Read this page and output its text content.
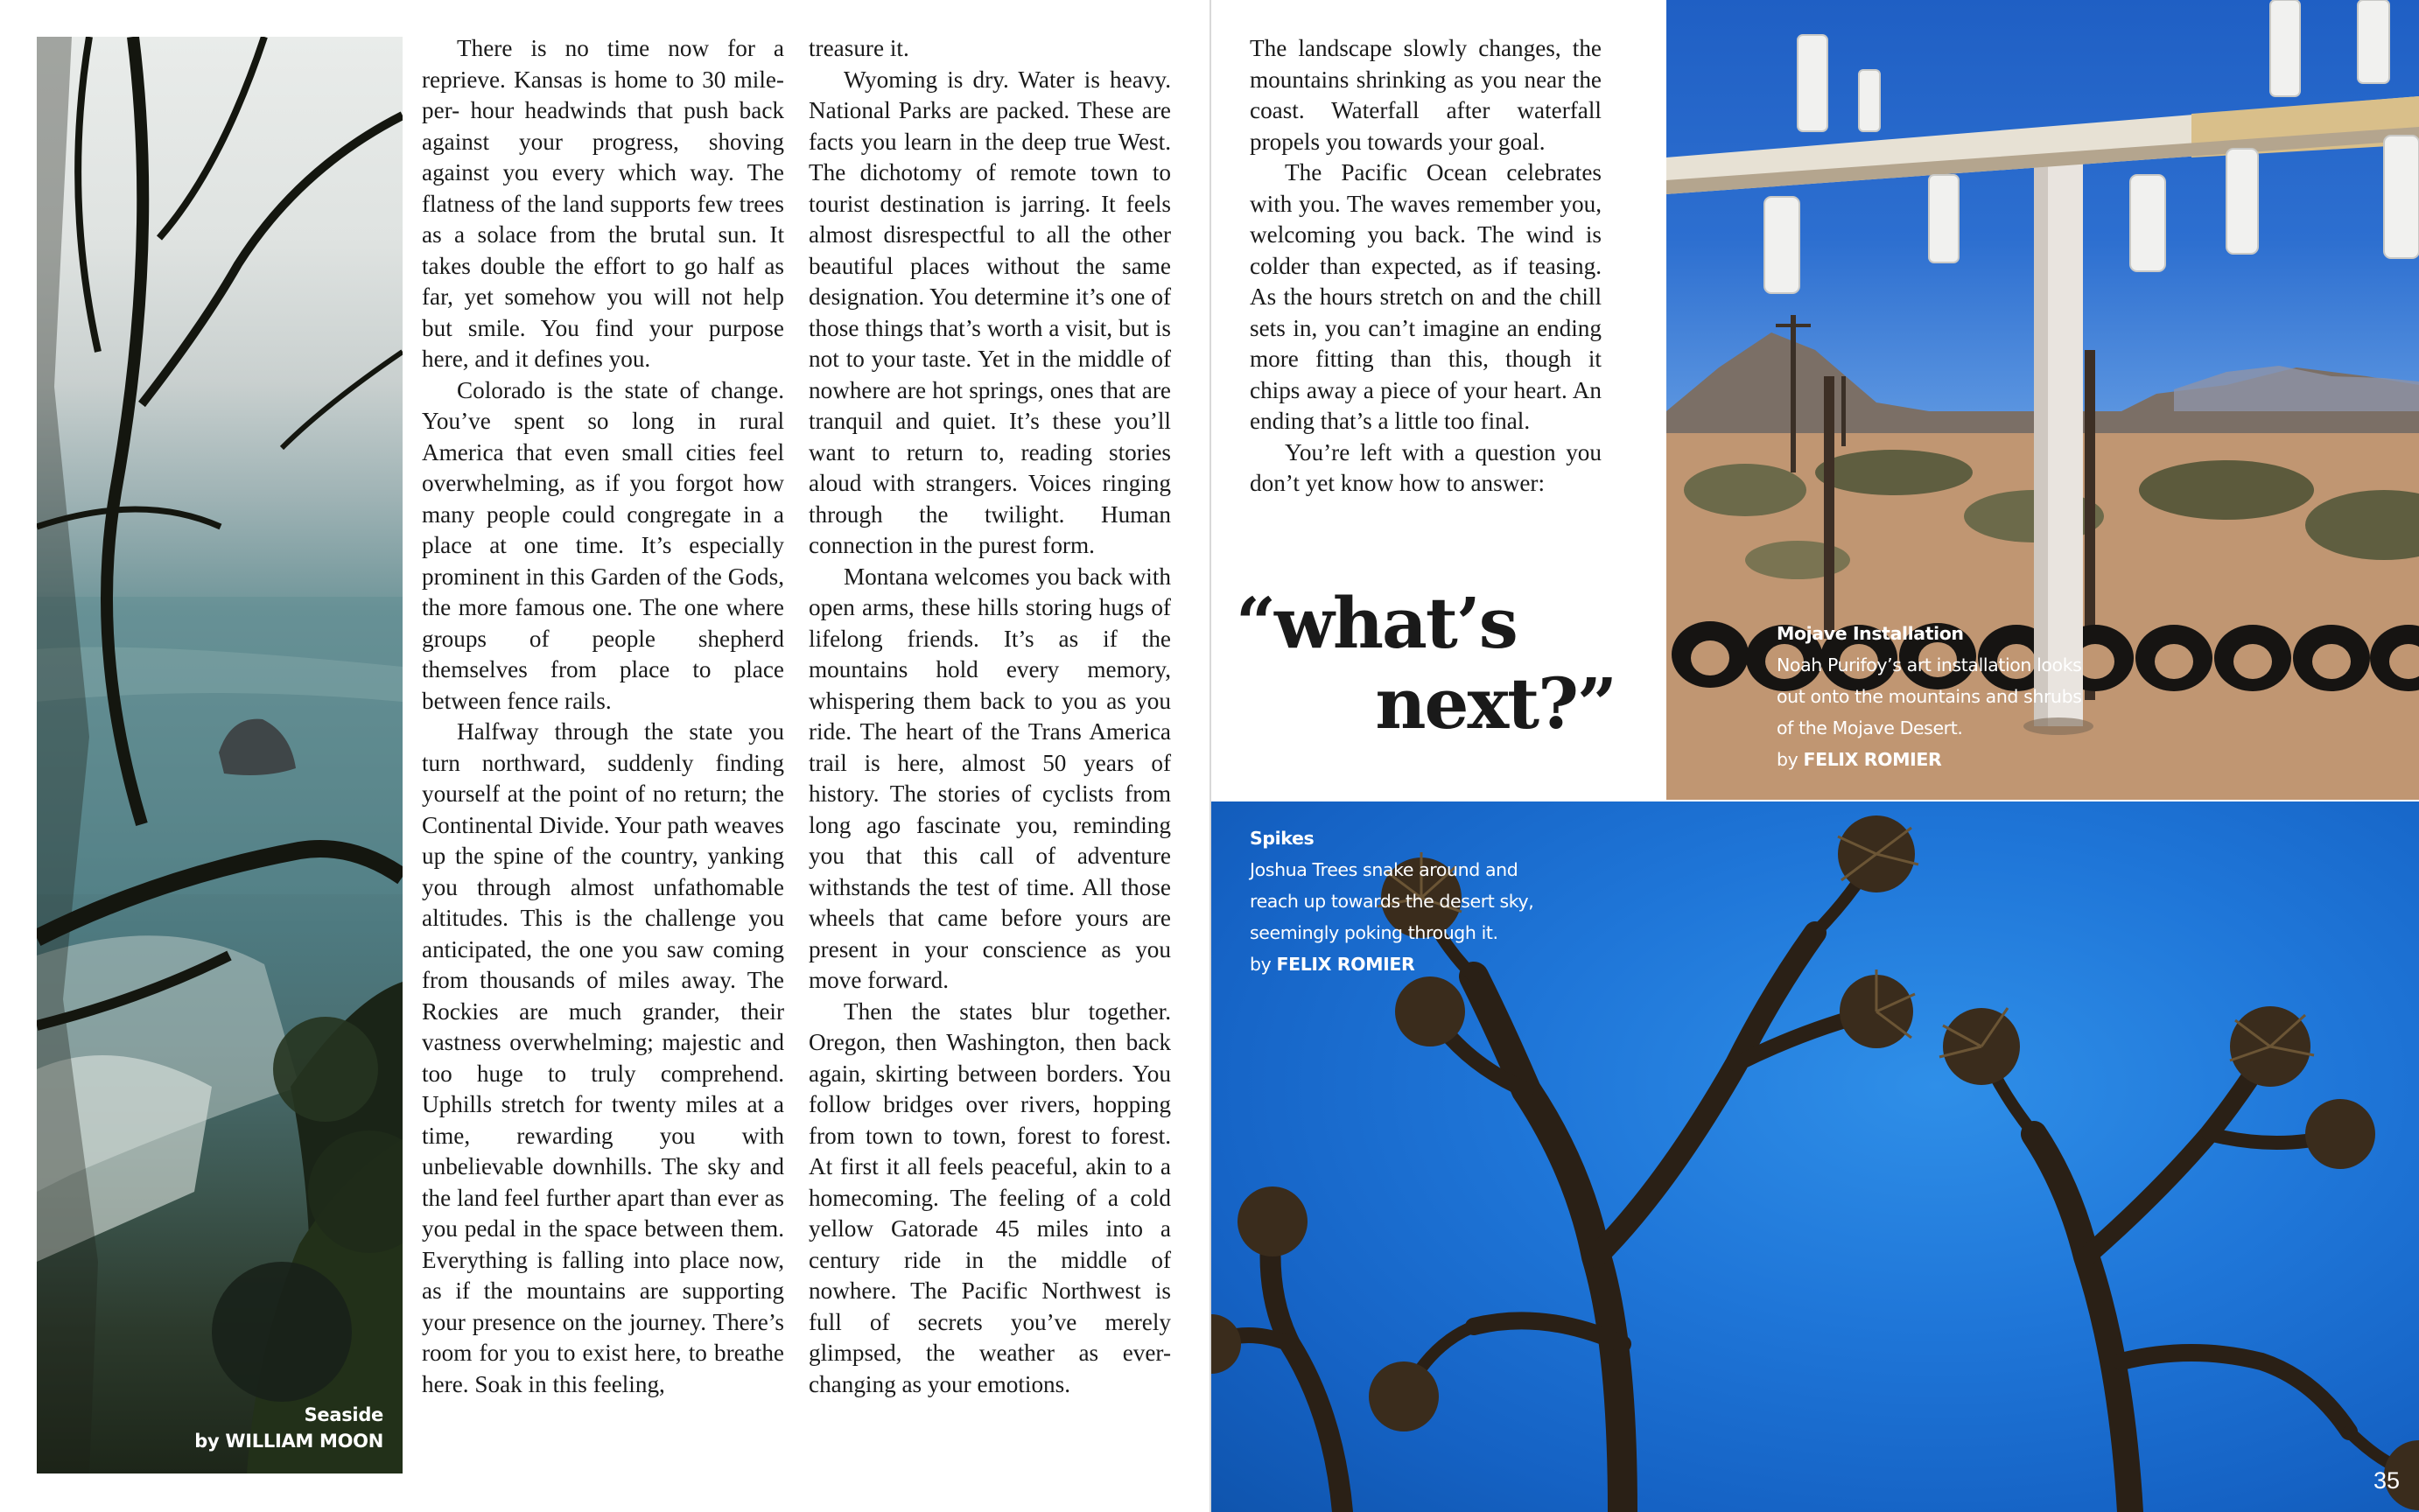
Seaside
by WILLIAM MOON

There is no time now for a reprieve. Kansas is home to 30 mile- per- hour headwinds that push back against your progress, shoving against you every which way. The flatness of the land supports few trees as a solace from the brutal sun. It takes double the effort to go half as far, yet somehow you will not help but smile. You find your purpose here, and it defines you.

Colorado is the state of change. You’ve spent so long in rural America that even small cities feel overwhelming, as if you forgot how many people could congregate in a place at one time. It’s especially prominent in this Garden of the Gods, the more famous one. The one where groups of people shepherd themselves from place to place between fence rails.

Halfway through the state you turn northward, suddenly finding yourself at the point of no return; the Continental Divide. Your path weaves up the spine of the country, yanking you through almost unfathomable altitudes. This is the challenge you anticipated, the one you saw coming from thousands of miles away. The Rockies are much grander, their vastness overwhelming; majestic and too huge to truly comprehend. Uphills stretch for twenty miles at a time, rewarding you with unbelievable downhills. The sky and the land feel further apart than ever as you pedal in the space between them. Everything is falling into place now, as if the mountains are supporting your presence on the journey. There’s room for you to exist here, to breathe here. Soak in this feeling,

treasure it.

Wyoming is dry. Water is heavy. National Parks are packed. These are facts you learn in the deep true West. The dichotomy of remote town to tourist destination is jarring. It feels almost disrespectful to all the other beautiful places without the same designation. You determine it’s one of those things that’s worth a visit, but is not to your taste. Yet in the middle of nowhere are hot springs, ones that are tranquil and quiet. It’s these you’ll want to return to, reading stories aloud with strangers. Voices ringing through the twilight. Human connection in the purest form.

Montana welcomes you back with open arms, these hills storing hugs of lifelong friends. It’s as if the mountains hold every memory, whispering them back to you as you ride. The heart of the Trans America trail is here, almost 50 years of history. The stories of cyclists from long ago fascinate you, reminding you that this call of adventure withstands the test of time. All those wheels that came before yours are present in your conscience as you move forward.

Then the states blur together. Oregon, then Washington, then back again, skirting between borders. You follow bridges over rivers, hopping from town to town, forest to forest. At first it all feels peaceful, akin to a homecoming. The feeling of a cold yellow Gatorade 45 miles into a century ride in the middle of nowhere. The Pacific Northwest is full of secrets you’ve merely glimpsed, the weather as ever- changing as your emotions.

The landscape slowly changes, the mountains shrinking as you near the coast. Waterfall after waterfall propels you towards your goal.

The Pacific Ocean celebrates with you. The waves remember you, welcoming you back. The wind is colder than expected, as if teasing. As the hours stretch on and the chill sets in, you can’t imagine an ending more fitting than this, though it chips away a piece of your heart. An ending that’s a little too final.

You’re left with a question you don’t yet know how to answer:

“what’s
next?”
Mojave Installation
Noah Purifoy’s art installation looks
out onto the mountains and shrubs
of the Mojave Desert.
by FELIX ROMIER
Spikes
Joshua Trees snake around and
reach up towards the desert sky,
seemingly poking through it.
by FELIX ROMIER
35
